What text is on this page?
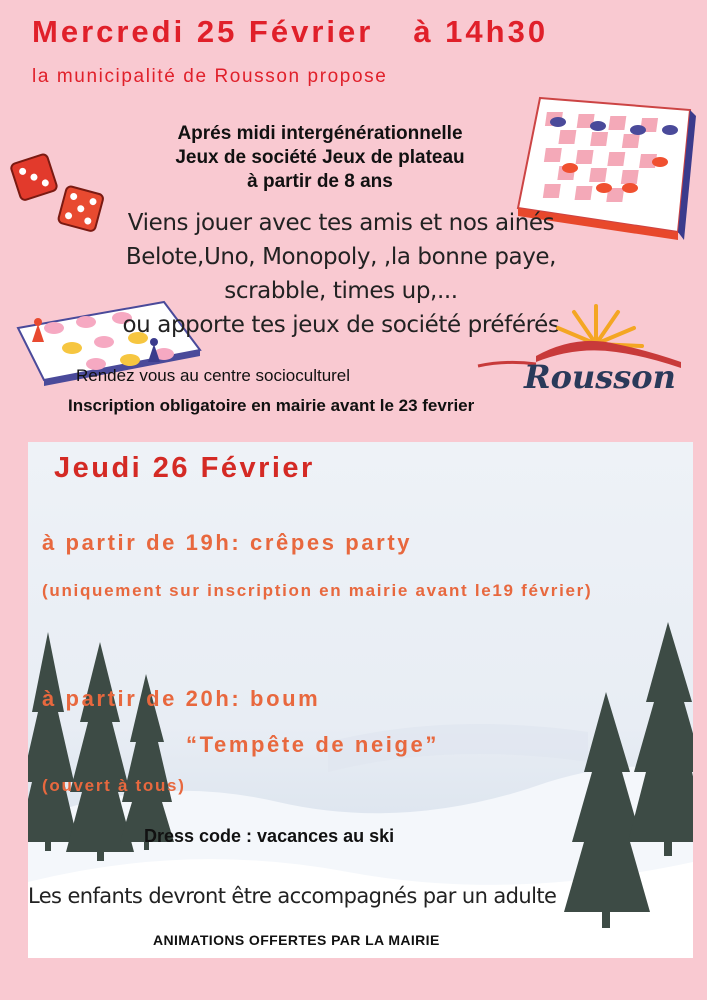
Mercredi 25 Février à 14h30
la municipalité de Rousson propose
Aprés midi intergénérationnelle
Jeux de société Jeux de plateau
à partir de 8 ans
Viens jouer avec tes amis et nos ainés
Belote,Uno, Monopoly, ,la bonne paye,
scrabble, times up,...
ou apporte tes jeux de société préférés
Rousson
Rendez vous au centre socioculturel
Inscription obligatoire en mairie avant le 23 fevrier
Jeudi 26 Février
à partir de 19h: crêpes party
(uniquement sur inscription en mairie avant le19 février)
à partir de 20h: boum
“Tempête de neige”
(ouvert à tous)
Dress code : vacances au ski
Les enfants devront être accompagnés par un adulte
ANIMATIONS OFFERTES PAR LA MAIRIE
